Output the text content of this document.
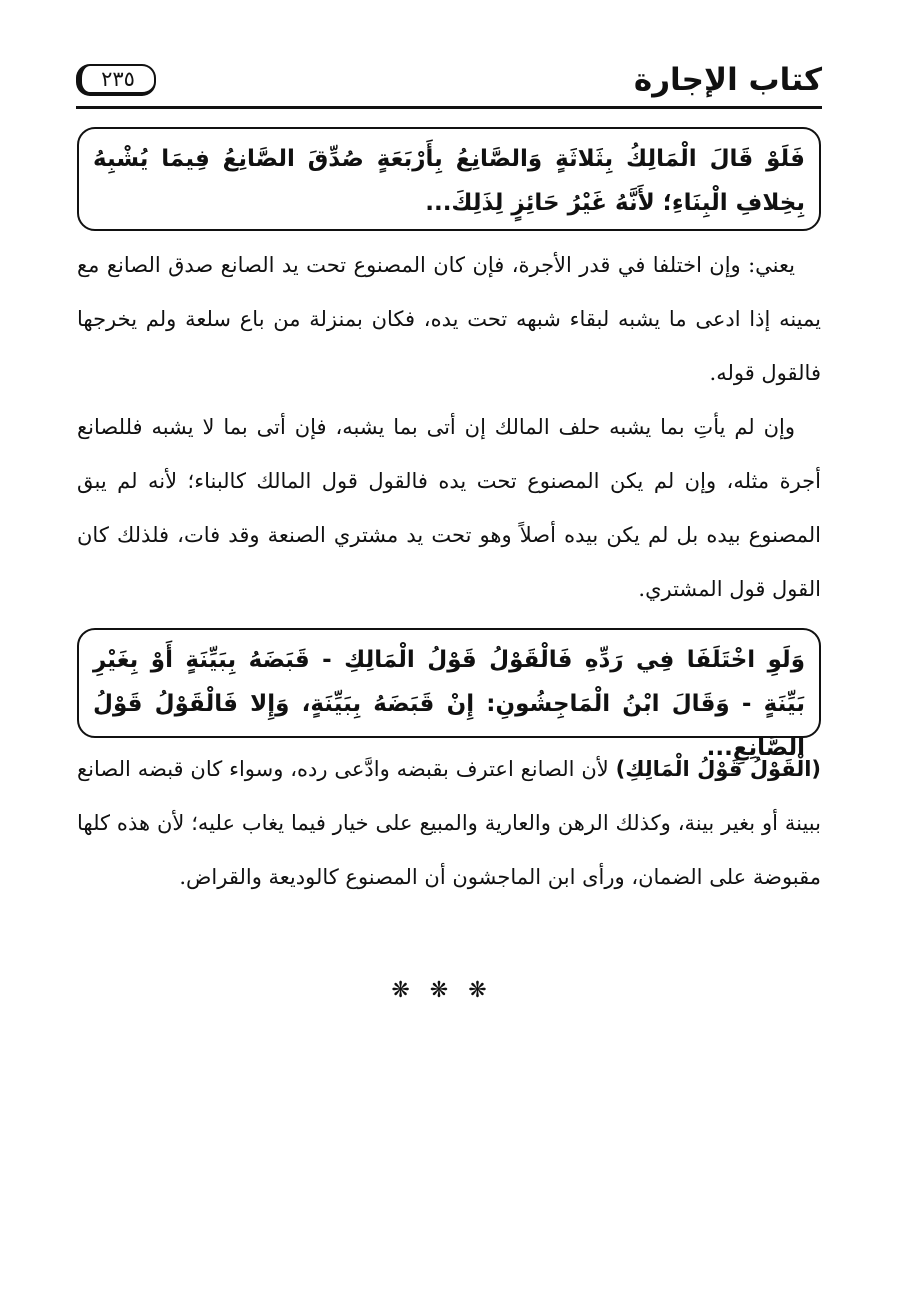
كتاب الإجارة
٢٣٥
فَلَوْ قَالَ الْمَالِكُ بِثَلاثَةٍ وَالصَّانِعُ بِأَرْبَعَةٍ صُدِّقَ الصَّانِعُ فِيمَا يُشْبِهُ بِخِلافِ الْبِنَاءِ؛ لأَنَّهُ غَيْرُ حَائِزٍ لِذَلِكَ...
يعني: وإن اختلفا في قدر الأجرة، فإن كان المصنوع تحت يد الصانع صدق الصانع مع يمينه إذا ادعى ما يشبه لبقاء شبهه تحت يده، فكان بمنزلة من باع سلعة ولم يخرجها فالقول قوله.
وإن لم يأتِ بما يشبه حلف المالك إن أتى بما يشبه، فإن أتى بما لا يشبه فللصانع أجرة مثله، وإن لم يكن المصنوع تحت يده فالقول قول المالك كالبناء؛ لأنه لم يبق المصنوع بيده بل لم يكن بيده أصلاً وهو تحت يد مشتري الصنعة وقد فات، فلذلك كان القول قول المشتري.
وَلَوِ اخْتَلَفَا فِي رَدِّهِ فَالْقَوْلُ قَوْلُ الْمَالِكِ - قَبَضَهُ بِبَيِّنَةٍ أَوْ بِغَيْرِ بَيِّنَةٍ - وَقَالَ ابْنُ الْمَاجِشُونِ: إِنْ قَبَضَهُ بِبَيِّنَةٍ، وَإِلا فَالْقَوْلُ قَوْلُ الصَّانِعِ...
(الْقَوْلُ قَوْلُ الْمَالِكِ) لأن الصانع اعترف بقبضه وادَّعى رده، وسواء كان قبضه الصانع ببينة أو بغير بينة، وكذلك الرهن والعارية والمبيع على خيار فيما يغاب عليه؛ لأن هذه كلها مقبوضة على الضمان، ورأى ابن الماجشون أن المصنوع كالوديعة والقراض.
❋❋❋
